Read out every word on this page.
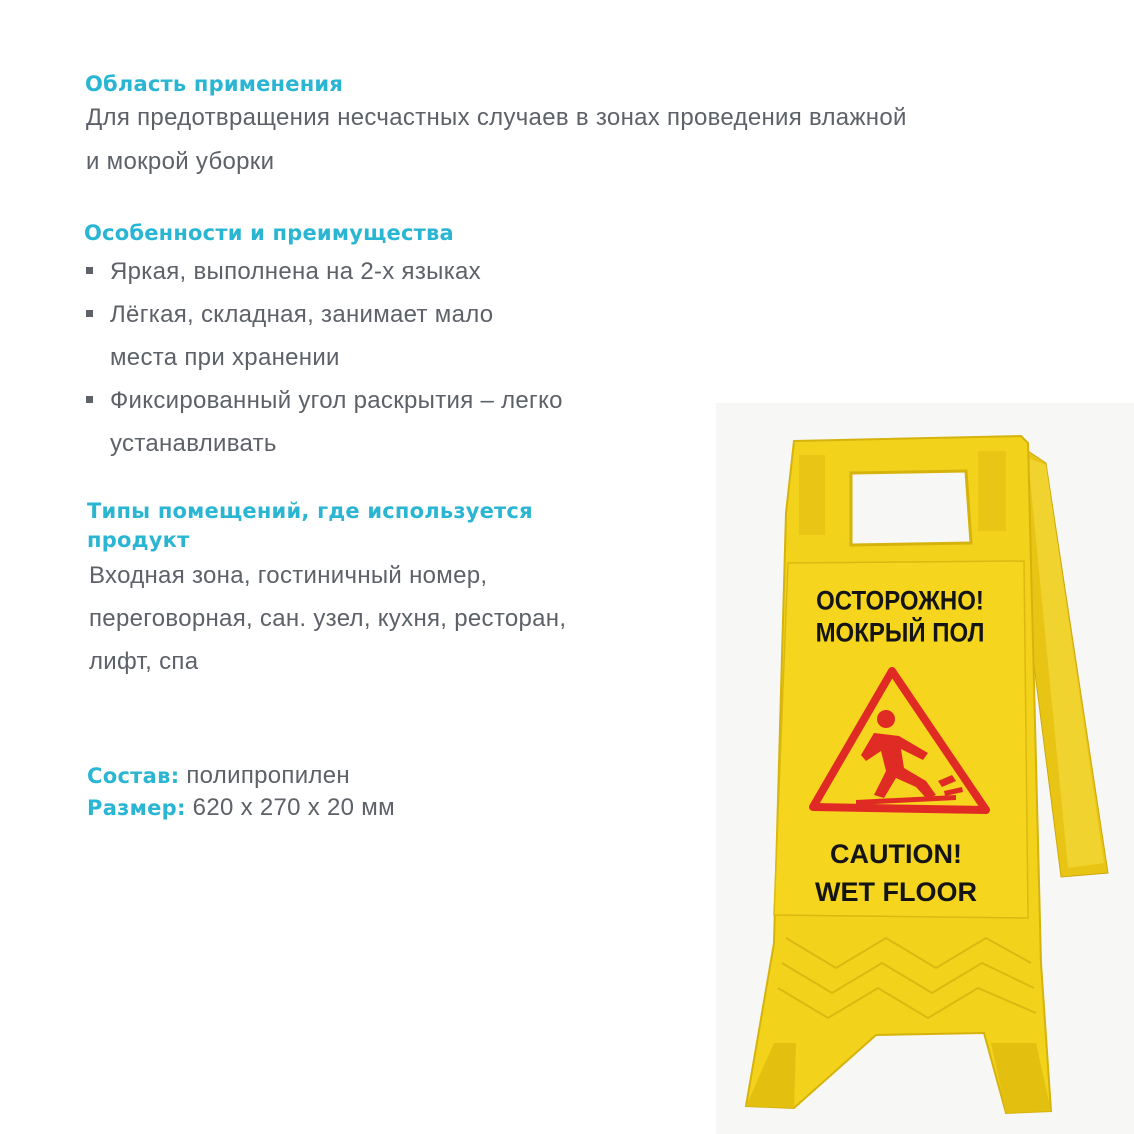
Область применения

Для предотвращения несчастных случаев в зонах проведения влажной
и мокрой уборки

Особенности и преимущества
Яркая, выполнена на 2-х языках
Лёгкая, складная, занимает мало места при хранении
Фиксированный угол раскрытия – легко устанавливать
Типы помещений, где используется
продукт

Входная зона, гостиничный номер,
переговорная, сан. узел, кухня, ресторан,
лифт, спа

Состав: полипропилен
Размер: 620 х 270 х 20 мм
ОСТОРОЖНО!
МОКРЫЙ ПОЛ
CAUTION!
WET FLOOR
